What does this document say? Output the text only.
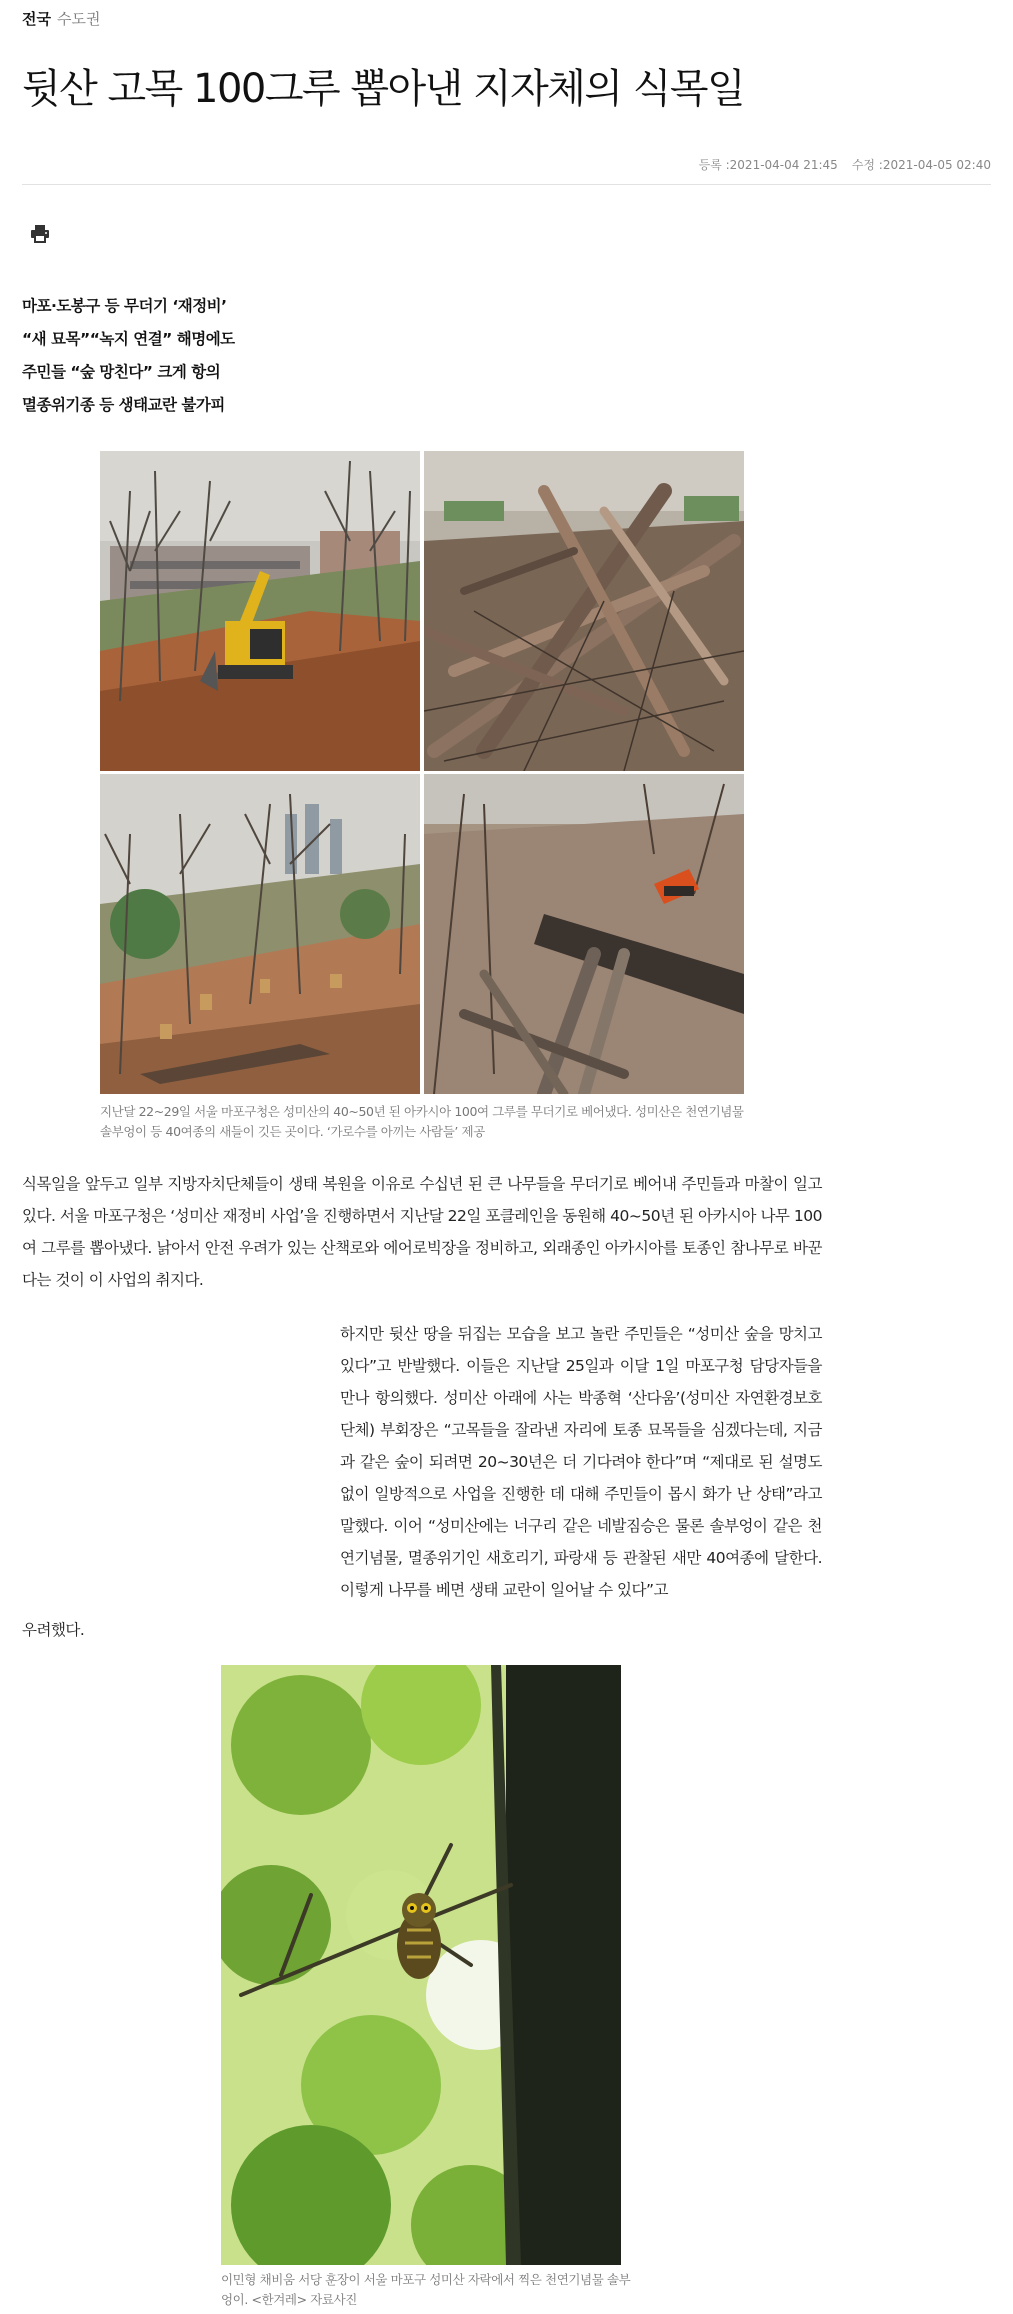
전국 수도권
뒷산 고목 100그루 뽑아낸 지자체의 식목일
등록 :2021-04-04 21:45 수정 :2021-04-05 02:40
마포·도봉구 등 무더기 ‘재정비’
“새 묘목”“녹지 연결” 해명에도
주민들 “숲 망친다” 크게 항의
멸종위기종 등 생태교란 불가피

지난달 22~29일 서울 마포구청은 성미산의 40~50년 된 아카시아 100여 그루를 무더기로 베어냈다. 성미산은 천연기념물 솔부엉이 등 40여종의 새들이 깃든 곳이다. ‘가로수를 아끼는 사람들’ 제공

식목일을 앞두고 일부 지방자치단체들이 생태 복원을 이유로 수십년 된 큰 나무들을 무더기로 베어내 주민들과 마찰이 일고 있다. 서울 마포구청은 ‘성미산 재정비 사업’을 진행하면서 지난달 22일 포클레인을 동원해 40~50년 된 아카시아 나무 100여 그루를 뽑아냈다. 낡아서 안전 우려가 있는 산책로와 에어로빅장을 정비하고, 외래종인 아카시아를 토종인 참나무로 바꾼다는 것이 이 사업의 취지다.

하지만 뒷산 땅을 뒤집는 모습을 보고 놀란 주민들은 “성미산 숲을 망치고 있다”고 반발했다. 이들은 지난달 25일과 이달 1일 마포구청 담당자들을 만나 항의했다. 성미산 아래에 사는 박종혁 ‘산다움’(성미산 자연환경보호단체) 부회장은 “고목들을 잘라낸 자리에 토종 묘목들을 심겠다는데, 지금과 같은 숲이 되려면 20~30년은 더 기다려야 한다”며 “제대로 된 설명도 없이 일방적으로 사업을 진행한 데 대해 주민들이 몹시 화가 난 상태”라고 말했다. 이어 “성미산에는 너구리 같은 네발짐승은 물론 솔부엉이 같은 천연기념물, 멸종위기인 새호리기, 파랑새 등 관찰된 새만 40여종에 달한다. 이렇게 나무를 베면 생태 교란이 일어날 수 있다”고

우려했다.

이민형 채비움 서당 훈장이 서울 마포구 성미산 자락에서 찍은 천연기념물 솔부엉이. <한겨레> 자료사진
